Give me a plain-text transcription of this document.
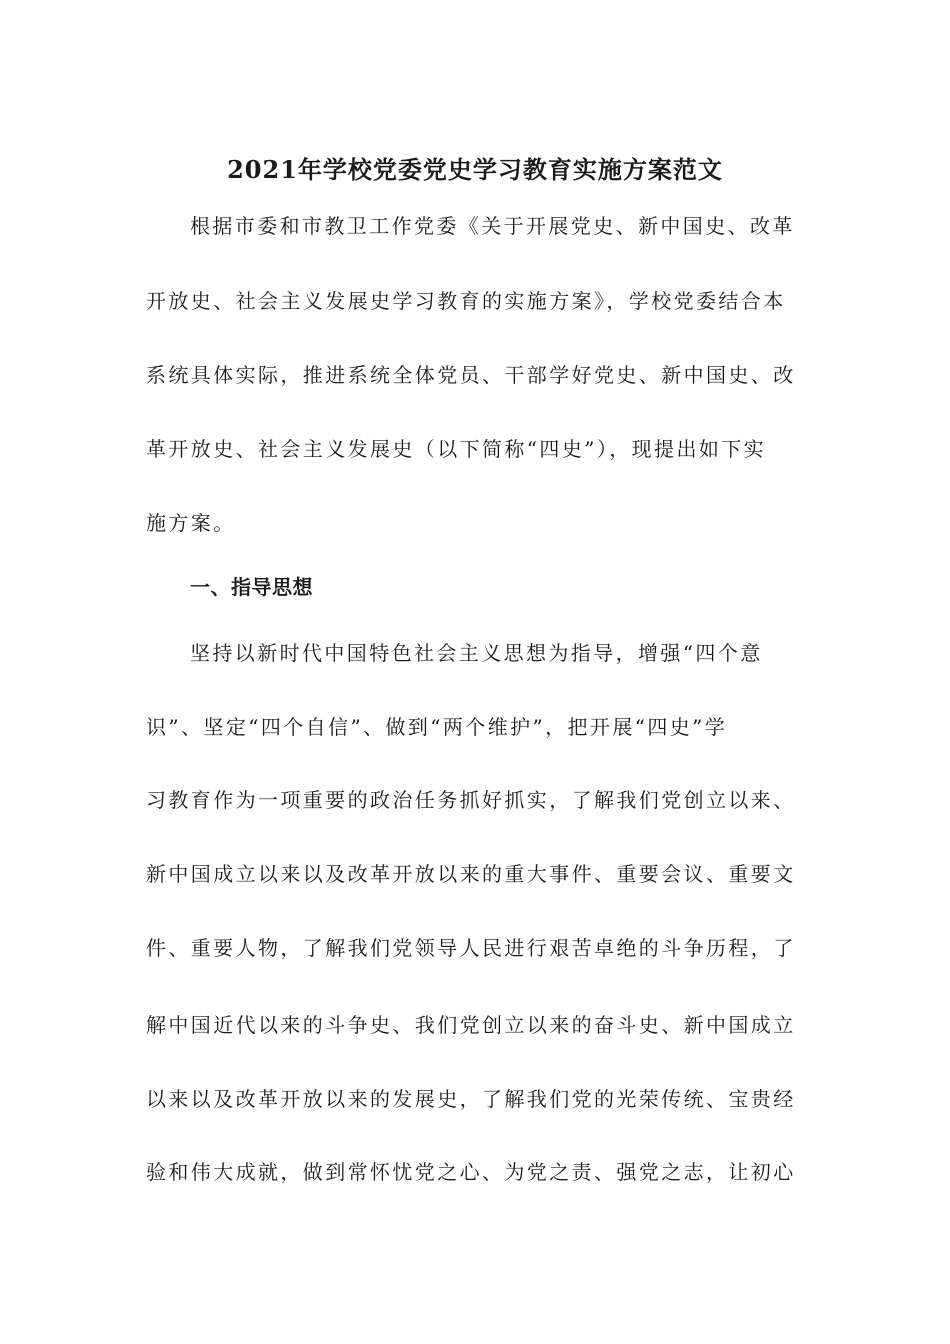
2021年学校党委党史学习教育实施方案范文
根据市委和市教卫工作党委《关于开展党史、新中国史、改革
开放史、社会主义发展史学习教育的实施方案》，学校党委结合本
系统具体实际，推进系统全体党员、干部学好党史、新中国史、改
革开放史、社会主义发展史（以下简称“四史”），现提出如下实
施方案。
一、指导思想
坚持以新时代中国特色社会主义思想为指导，增强“四个意
识”、坚定“四个自信”、做到“两个维护”，把开展“四史”学
习教育作为一项重要的政治任务抓好抓实，了解我们党创立以来、
新中国成立以来以及改革开放以来的重大事件、重要会议、重要文
件、重要人物，了解我们党领导人民进行艰苦卓绝的斗争历程，了
解中国近代以来的斗争史、我们党创立以来的奋斗史、新中国成立
以来以及改革开放以来的发展史，了解我们党的光荣传统、宝贵经
验和伟大成就，做到常怀忧党之心、为党之责、强党之志，让初心
